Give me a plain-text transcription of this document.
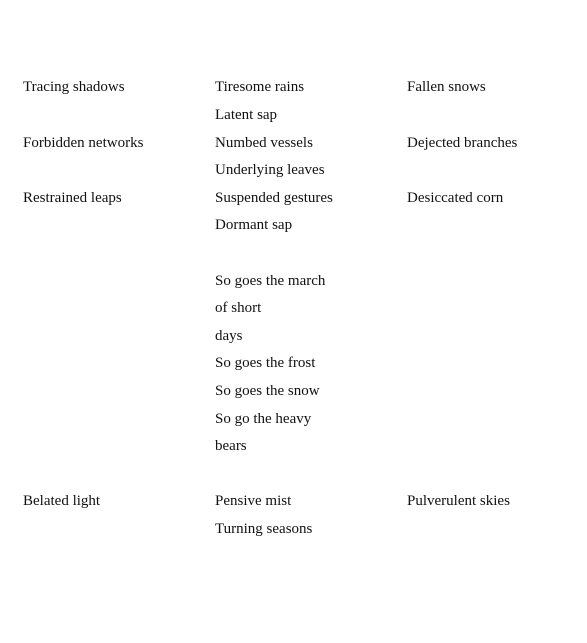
Tracing shadows	Tiresome rains	Fallen snows
Latent sap
Forbidden networks	Numbed vessels	Dejected branches
Underlying leaves
Restrained leaps	Suspended gestures	Desiccated corn
Dormant sap
So goes the march
of short
days
So goes the frost
So goes the snow
So go the heavy
bears
Belated light	Pensive mist	Pulverulent skies
Turning seasons
